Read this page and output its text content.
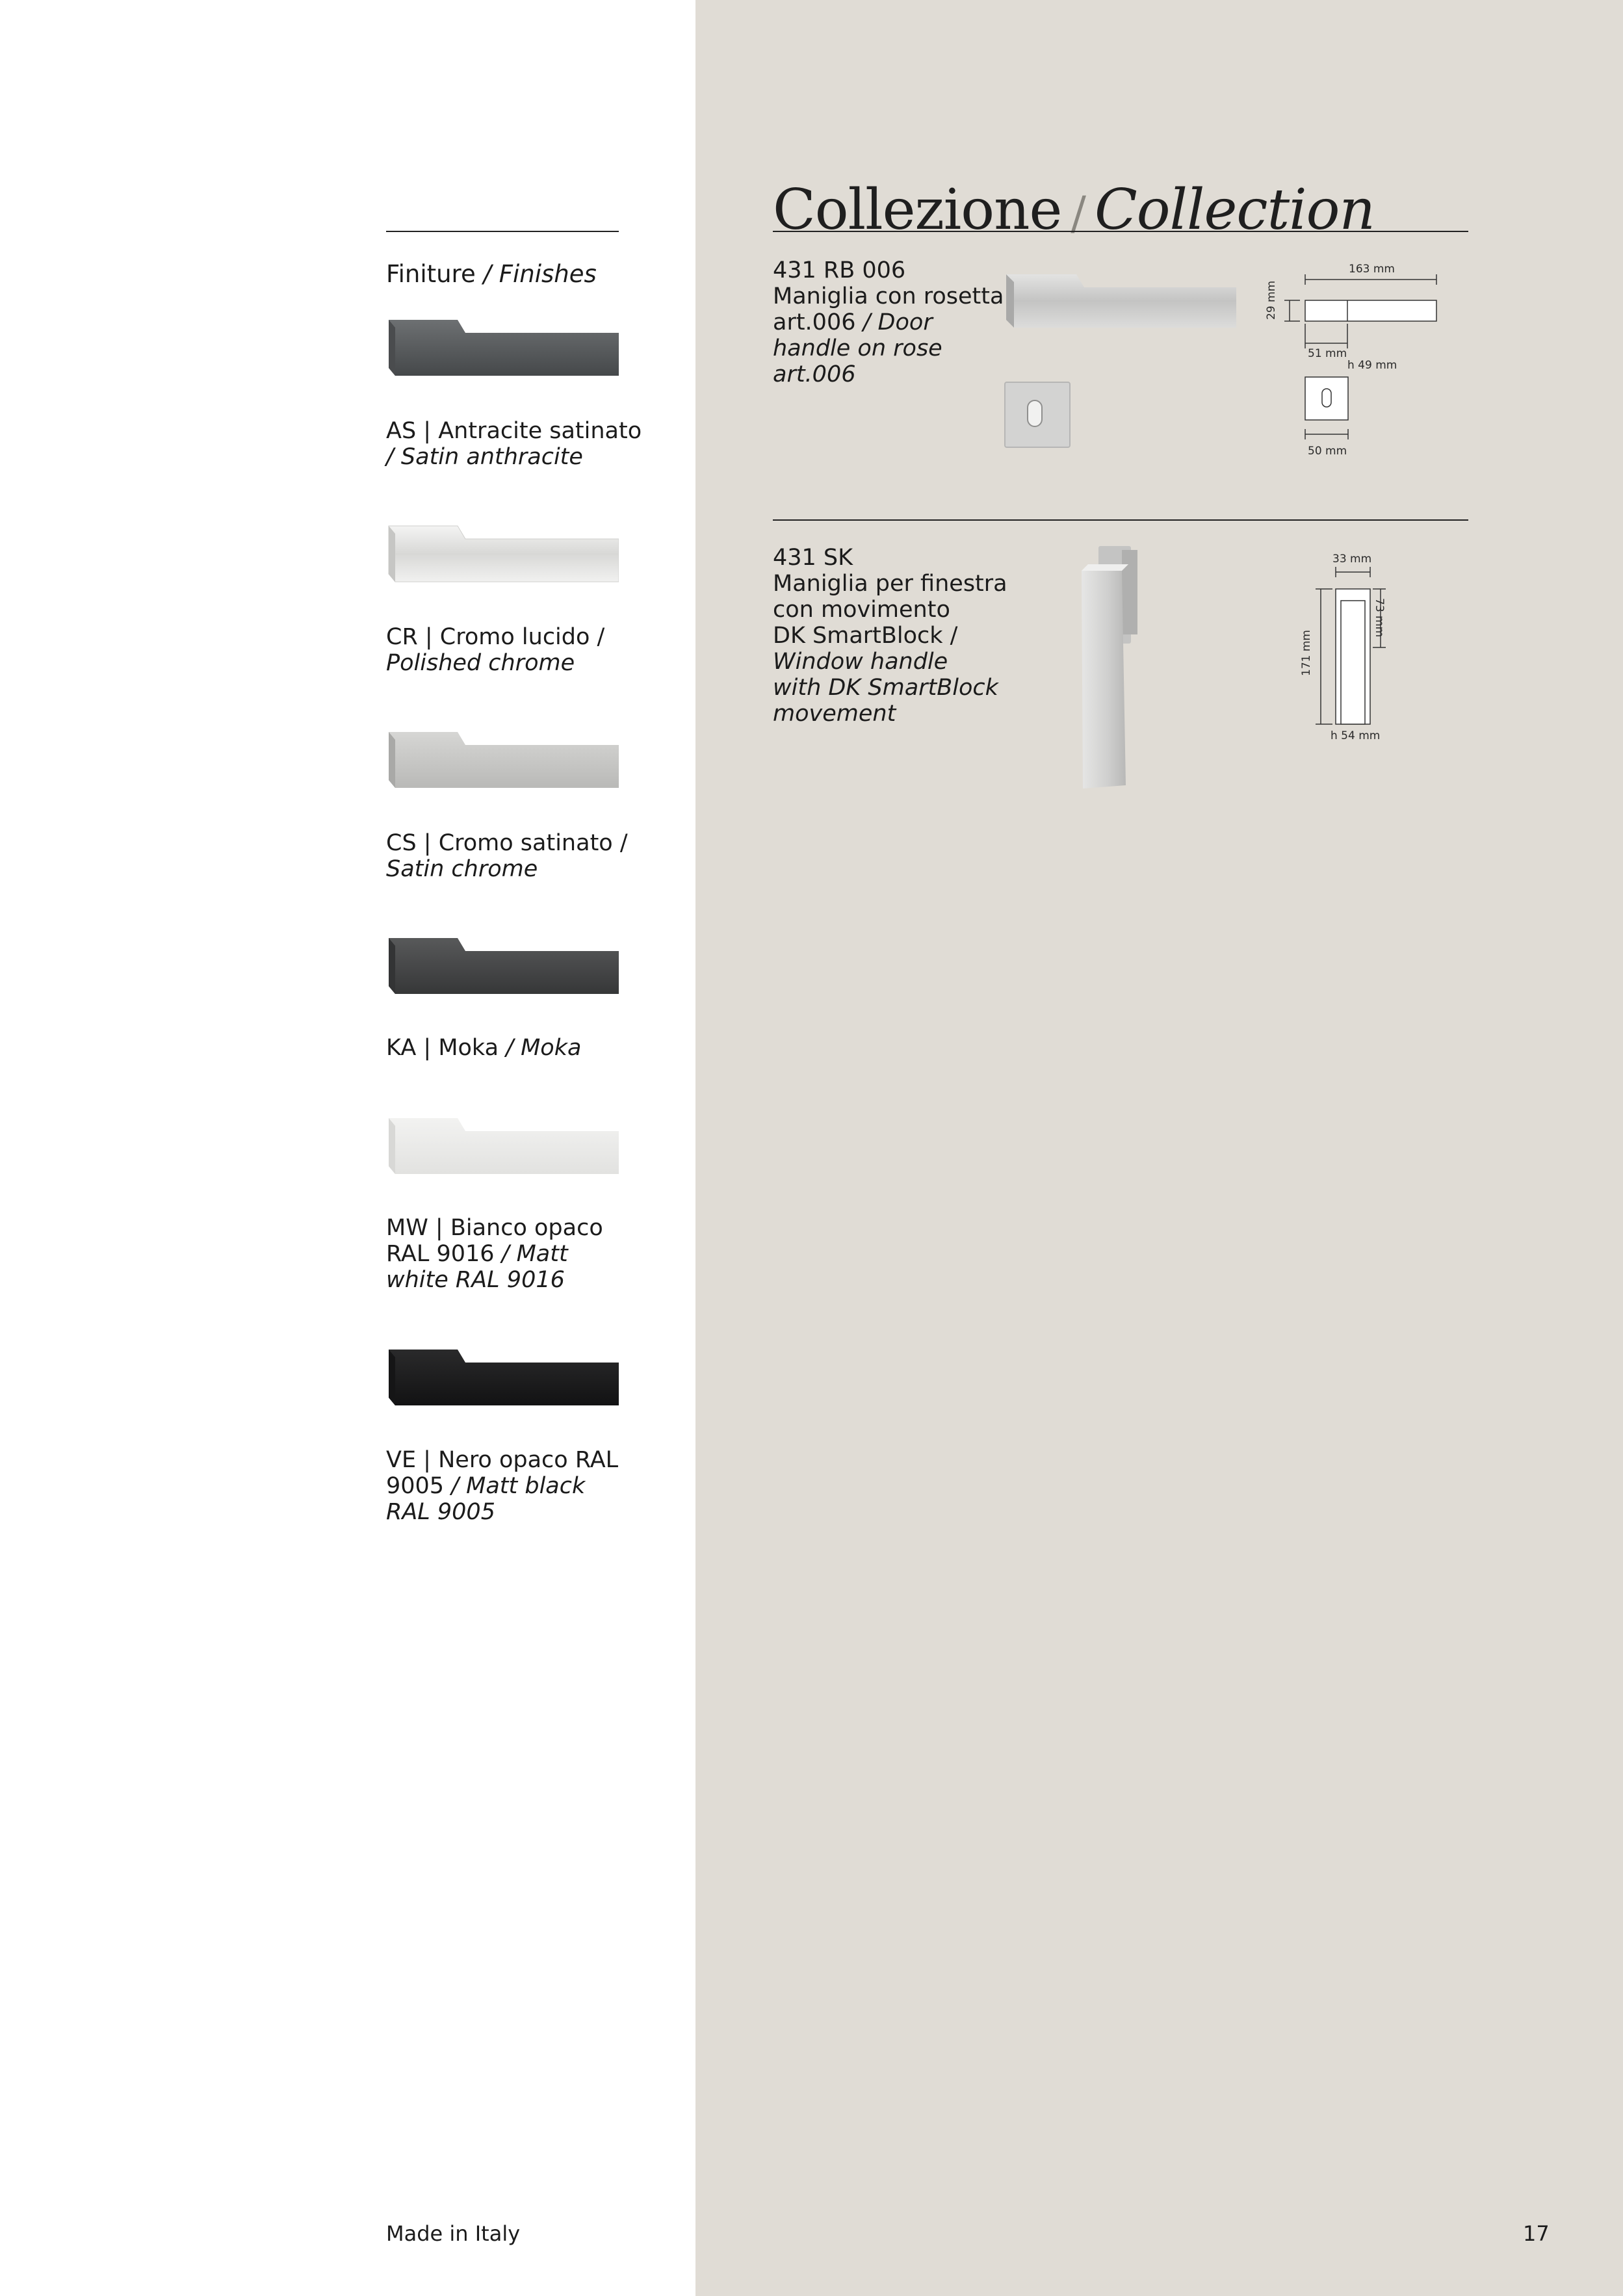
Finiture / Finishes
AS | Antracite satinato
/ Satin anthracite
CR | Cromo lucido /
Polished chrome
CS | Cromo satinato /
Satin chrome
KA | Moka / Moka
MW | Bianco opaco
RAL 9016 / Matt
white RAL 9016
VE | Nero opaco RAL
9005 / Matt black
RAL 9005
Collezione / Collection
431 RB 006
Maniglia con rosetta
art.006 / Door
handle on rose
art.006
163 mm
29 mm
51 mm
h 49 mm
50 mm
431 SK
Maniglia per finestra
con movimento
DK SmartBlock /
Window handle
with DK SmartBlock
movement
33 mm
73 mm
171 mm
h 54 mm
Made in Italy	17
